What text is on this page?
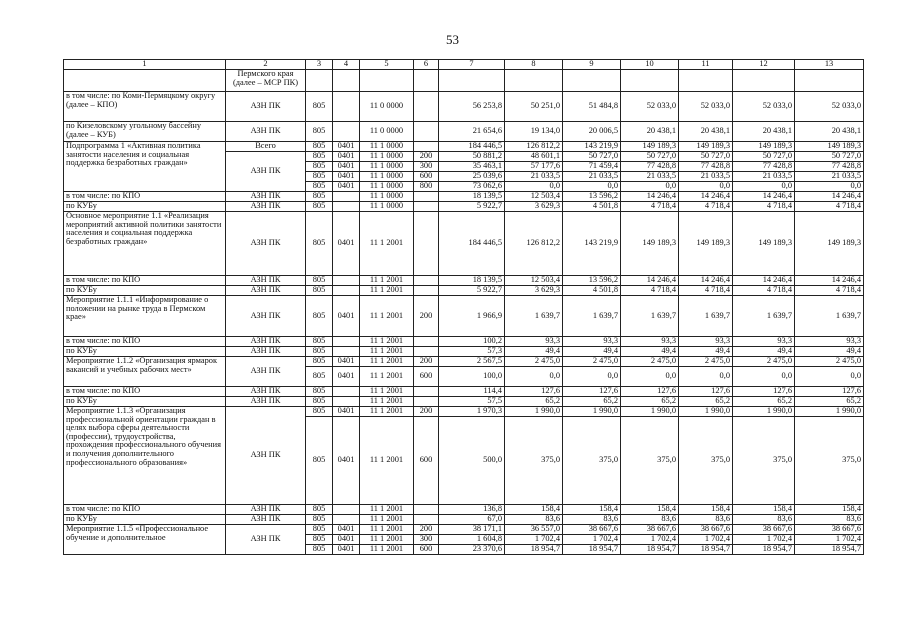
53
1	2	3	4	5	6	7	8	9	10	11	12	13
	Пермского края (далее – МСР ПК)											
в том числе: по Коми-Пермяцкому округу (далее – КПО)	АЗН ПК	805		11 0 0000		56 253,8	50 251,0	51 484,8	52 033,0	52 033,0	52 033,0	52 033,0
по Кизеловскому угольному бассейну (далее – КУБ)	АЗН ПК	805		11 0 0000		21 654,6	19 134,0	20 006,5	20 438,1	20 438,1	20 438,1	20 438,1
Подпрограмма 1 «Активная политика занятости населения и социальная поддержка безработных граждан»	Всего	805	0401	11 1 0000		184 446,5	126 812,2	143 219,9	149 189,3	149 189,3	149 189,3	149 189,3
	АЗН ПК	805	0401	11 1 0000	200	50 881,2	48 601,1	50 727,0	50 727,0	50 727,0	50 727,0	50 727,0
		805	0401	11 1 0000	300	35 463,1	57 177,6	71 459,4	77 428,8	77 428,8	77 428,8	77 428,8
		805	0401	11 1 0000	600	25 039,6	21 033,5	21 033,5	21 033,5	21 033,5	21 033,5	21 033,5
		805	0401	11 1 0000	800	73 062,6	0,0	0,0	0,0	0,0	0,0	0,0
в том числе: по КПО	АЗН ПК	805		11 1 0000		18 139,5	12 503,4	13 596,2	14 246,4	14 246,4	14 246,4	14 246,4
по КУБу	АЗН ПК	805		11 1 0000		5 922,7	3 629,3	4 501,8	4 718,4	4 718,4	4 718,4	4 718,4
Основное мероприятие 1.1 «Реализация мероприятий активной политики занятости населения и социальная поддержка безработных граждан»	АЗН ПК	805	0401	11 1 2001		184 446,5	126 812,2	143 219,9	149 189,3	149 189,3	149 189,3	149 189,3
в том числе: по КПО	АЗН ПК	805		11 1 2001		18 139,5	12 503,4	13 596,2	14 246,4	14 246,4	14 246,4	14 246,4
по КУБу	АЗН ПК	805		11 1 2001		5 922,7	3 629,3	4 501,8	4 718,4	4 718,4	4 718,4	4 718,4
Мероприятие 1.1.1 «Информирование о положении на рынке труда в Пермском крае»	АЗН ПК	805	0401	11 1 2001	200	1 966,9	1 639,7	1 639,7	1 639,7	1 639,7	1 639,7	1 639,7
в том числе: по КПО	АЗН ПК	805		11 1 2001		100,2	93,3	93,3	93,3	93,3	93,3	93,3
по КУБу	АЗН ПК	805		11 1 2001		57,3	49,4	49,4	49,4	49,4	49,4	49,4
Мероприятие 1.1.2 «Организация ярмарок вакансий и учебных рабочих мест»	АЗН ПК	805	0401	11 1 2001	200	2 567,5	2 475,0	2 475,0	2 475,0	2 475,0	2 475,0	2 475,0
		805	0401	11 1 2001	600	100,0	0,0	0,0	0,0	0,0	0,0	0,0
в том числе: по КПО	АЗН ПК	805		11 1 2001		114,4	127,6	127,6	127,6	127,6	127,6	127,6
по КУБу	АЗН ПК	805		11 1 2001		57,5	65,2	65,2	65,2	65,2	65,2	65,2
Мероприятие 1.1.3 «Организация профессиональной ориентации граждан в целях выбора сферы деятельности (профессии), трудоустройства, прохождения профессионального обучения и получения дополнительного профессионального образования»	АЗН ПК	805	0401	11 1 2001	200	1 970,3	1 990,0	1 990,0	1 990,0	1 990,0	1 990,0	1 990,0
		805	0401	11 1 2001	600	500,0	375,0	375,0	375,0	375,0	375,0	375,0
в том числе: по КПО	АЗН ПК	805		11 1 2001		136,8	158,4	158,4	158,4	158,4	158,4	158,4
по КУБу	АЗН ПК	805		11 1 2001		67,0	83,6	83,6	83,6	83,6	83,6	83,6
Мероприятие 1.1.5 «Профессиональное обучение и дополнительное	АЗН ПК	805	0401	11 1 2001	200	38 171,1	36 557,0	38 667,6	38 667,6	38 667,6	38 667,6	38 667,6
		805	0401	11 1 2001	300	1 604,8	1 702,4	1 702,4	1 702,4	1 702,4	1 702,4	1 702,4
		805	0401	11 1 2001	600	23 370,6	18 954,7	18 954,7	18 954,7	18 954,7	18 954,7	18 954,7
